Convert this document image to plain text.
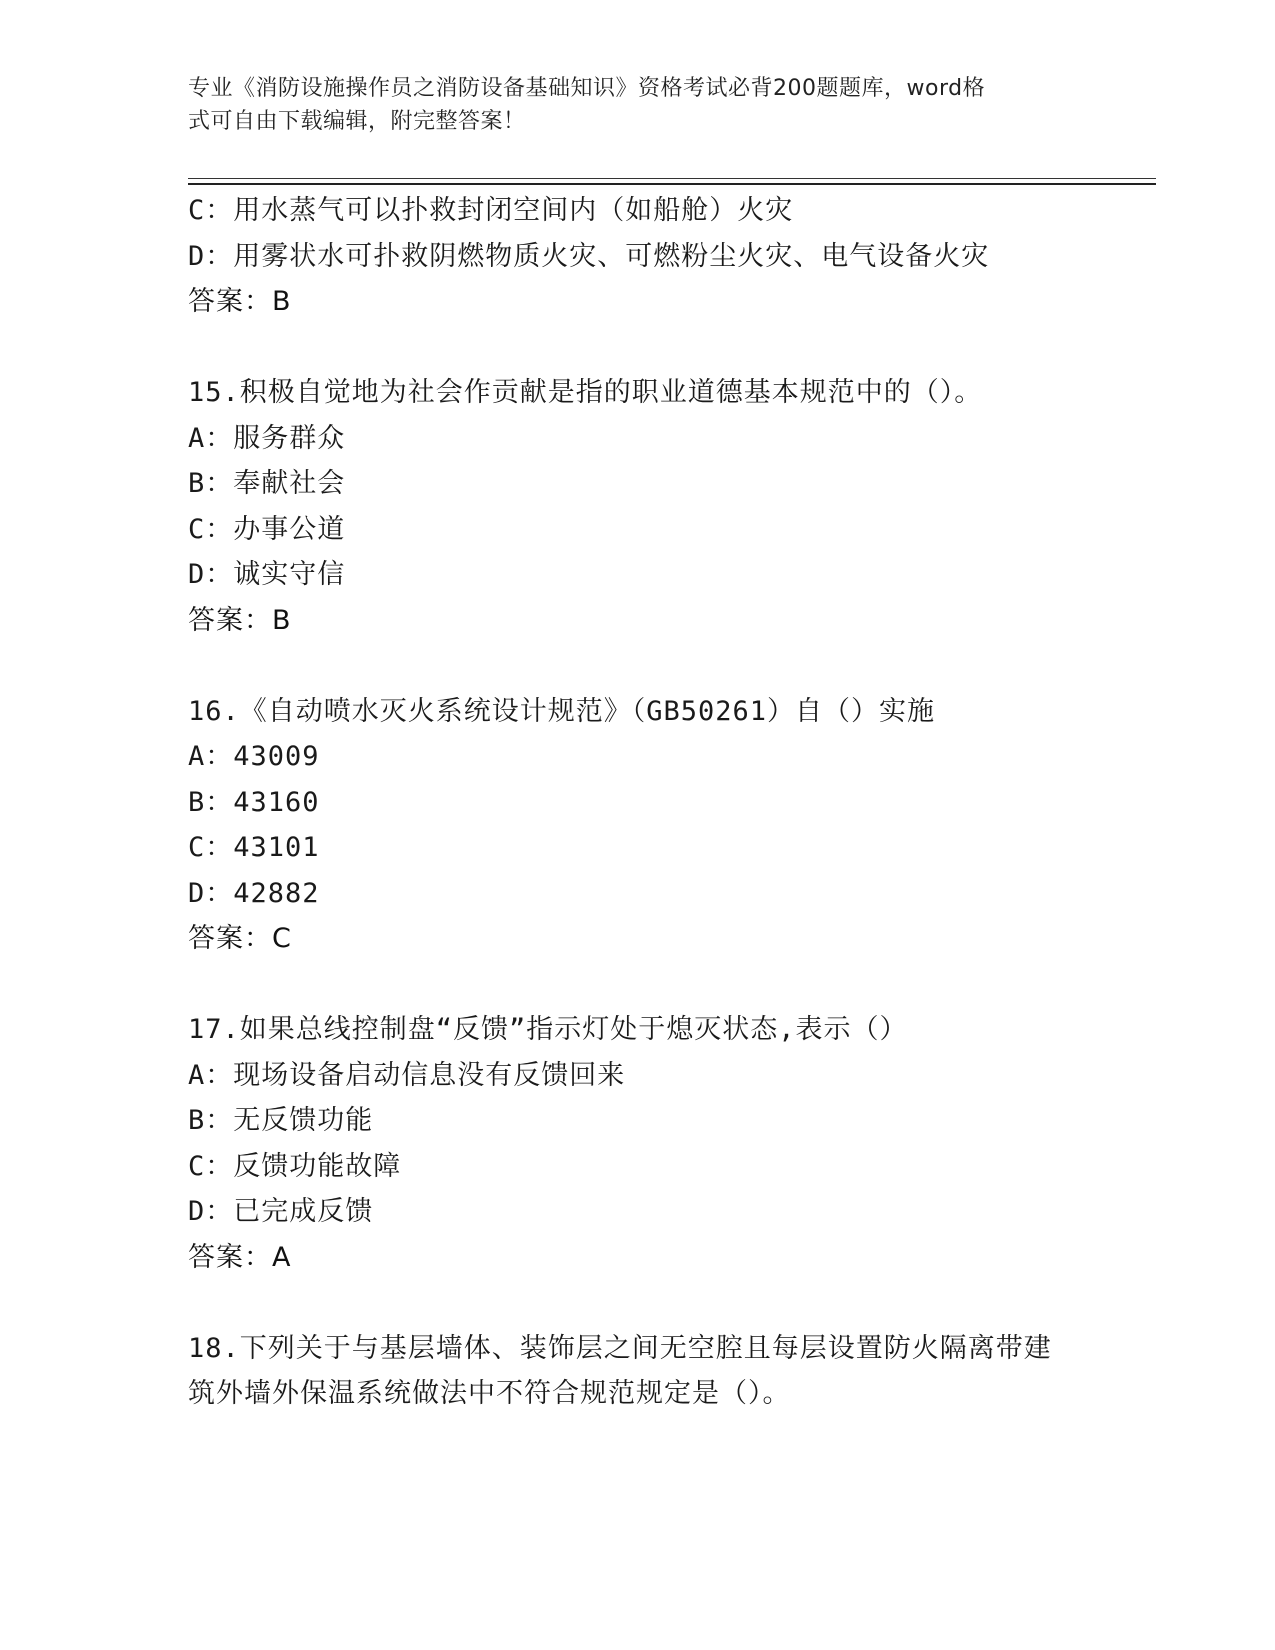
专业《消防设施操作员之消防设备基础知识》资格考试必背200题题库，word格
式可自由下载编辑，附完整答案！
C：用水蒸气可以扑救封闭空间内（如船舱）火灾
D：用雾状水可扑救阴燃物质火灾、可燃粉尘火灾、电气设备火灾
答案：B
15.积极自觉地为社会作贡献是指的职业道德基本规范中的（）。
A：服务群众
B：奉献社会
C：办事公道
D：诚实守信
答案：B
16.《自动喷水灭火系统设计规范》（GB50261）自（）实施
A：43009
B：43160
C：43101
D：42882
答案：C
17.如果总线控制盘“反馈”指示灯处于熄灭状态,表示（）
A：现场设备启动信息没有反馈回来
B：无反馈功能
C：反馈功能故障
D：已完成反馈
答案：A
18.下列关于与基层墙体、装饰层之间无空腔且每层设置防火隔离带建
筑外墙外保温系统做法中不符合规范规定是（）。
